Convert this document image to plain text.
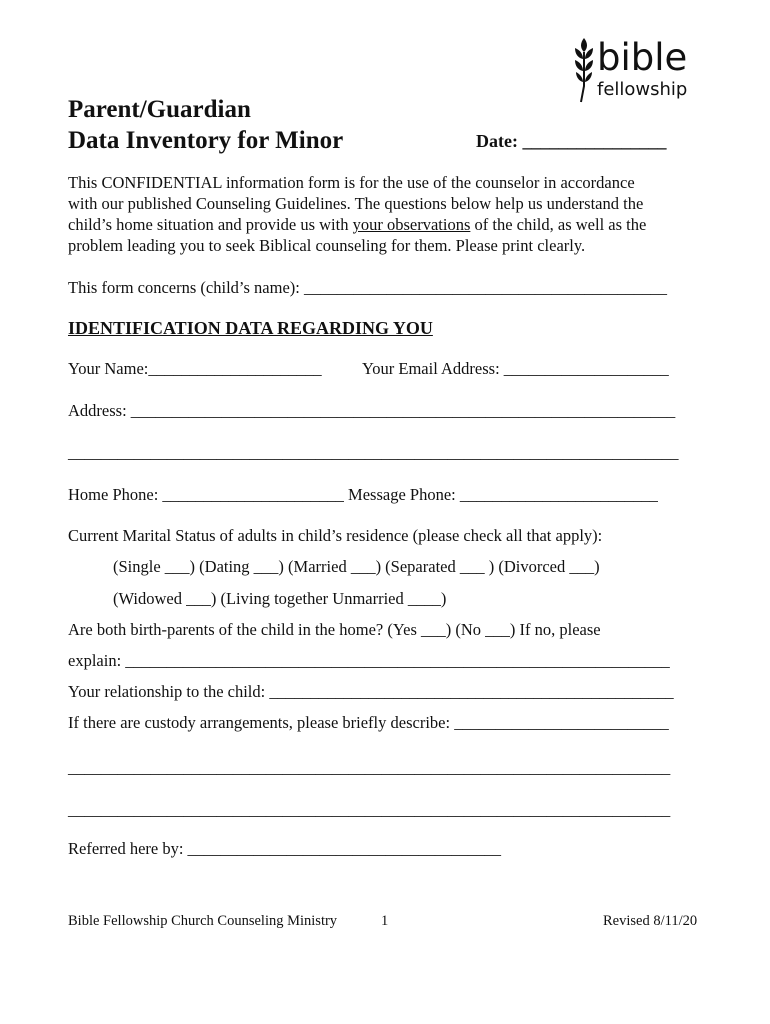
bible
fellowship
Parent/Guardian
Data Inventory for Minor	Date: ________________
This CONFIDENTIAL information form is for the use of the counselor in accordance
with our published Counseling Guidelines. The questions below help us understand the
child’s home situation and provide us with your observations of the child, as well as the
problem leading you to seek Biblical counseling for them. Please print clearly.
This form concerns (child’s name): ____________________________________________
IDENTIFICATION DATA REGARDING YOU
Your Name:_____________________ Your Email Address: ____________________
Address: __________________________________________________________________
__________________________________________________________________________
Home Phone: ______________________ Message Phone: ________________________
Current Marital Status of adults in child’s residence (please check all that apply):
(Single ___) (Dating ___) (Married ___) (Separated ___ ) (Divorced ___)
(Widowed ___) (Living together Unmarried ____)
Are both birth-parents of the child in the home? (Yes ___) (No ___) If no, please
explain: __________________________________________________________________
Your relationship to the child: _________________________________________________
If there are custody arrangements, please briefly describe: __________________________
_________________________________________________________________________
_________________________________________________________________________
Referred here by: ______________________________________
Bible Fellowship Church Counseling Ministry	1	Revised 8/11/20
